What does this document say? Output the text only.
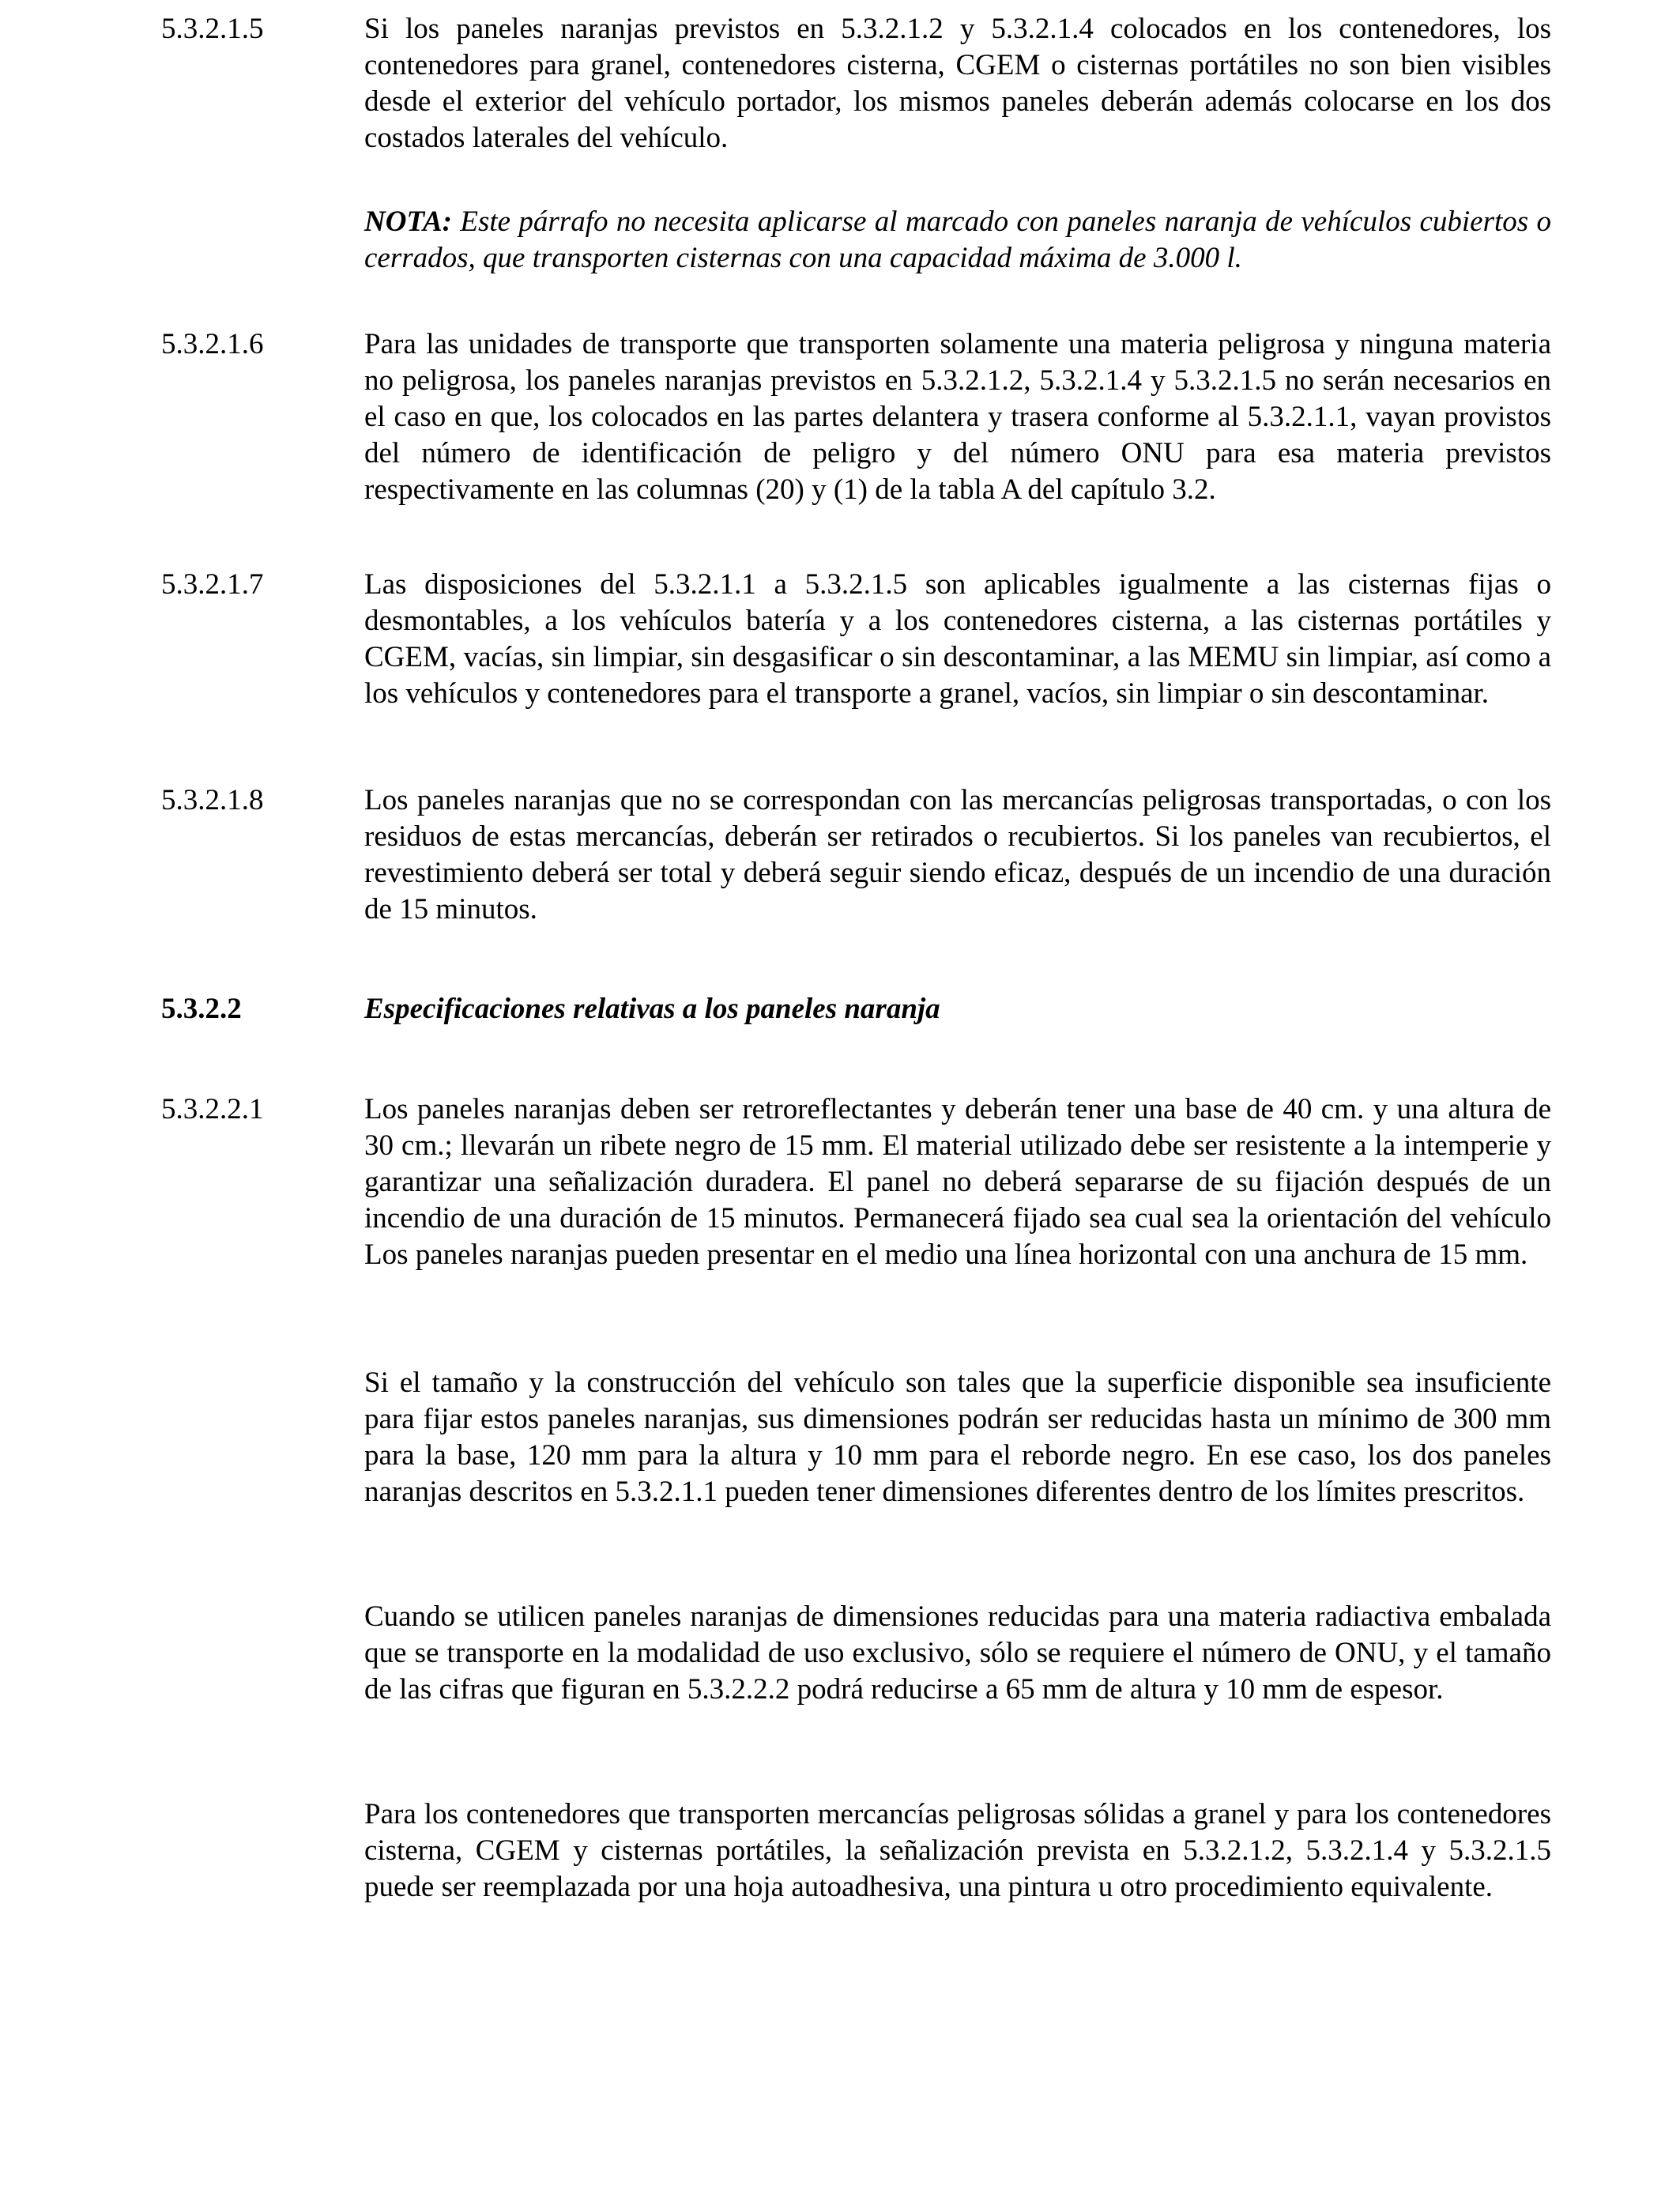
5.3.2.1.5	Si los paneles naranjas previstos en 5.3.2.1.2 y 5.3.2.1.4 colocados en los contenedores, los contenedores para granel, contenedores cisterna, CGEM o cisternas portátiles no son bien visibles desde el exterior del vehículo portador, los mismos paneles deberán además colocarse en los dos costados laterales del vehículo.

NOTA: Este párrafo no necesita aplicarse al marcado con paneles naranja de vehículos cubiertos o cerrados, que transporten cisternas con una capacidad máxima de 3.000 l.

5.3.2.1.6	Para las unidades de transporte que transporten solamente una materia peligrosa y ninguna materia no peligrosa, los paneles naranjas previstos en 5.3.2.1.2, 5.3.2.1.4 y 5.3.2.1.5 no serán necesarios en el caso en que, los colocados en las partes delantera y trasera conforme al 5.3.2.1.1, vayan provistos del número de identificación de peligro y del número ONU para esa materia previstos respectivamente en las columnas (20) y (1) de la tabla A del capítulo 3.2.

5.3.2.1.7	Las disposiciones del 5.3.2.1.1 a 5.3.2.1.5 son aplicables igualmente a las cisternas fijas o desmontables, a los vehículos batería y a los contenedores cisterna, a las cisternas portátiles y CGEM, vacías, sin limpiar, sin desgasificar o sin descontaminar, a las MEMU sin limpiar, así como a los vehículos y contenedores para el transporte a granel, vacíos, sin limpiar o sin descontaminar.

5.3.2.1.8	Los paneles naranjas que no se correspondan con las mercancías peligrosas transportadas, o con los residuos de estas mercancías, deberán ser retirados o recubiertos. Si los paneles van recubiertos, el revestimiento deberá ser total y deberá seguir siendo eficaz, después de un incendio de una duración de 15 minutos.

5.3.2.2	Especificaciones relativas a los paneles naranja
5.3.2.2.1	Los paneles naranjas deben ser retroreflectantes y deberán tener una base de 40 cm. y una altura de 30 cm.; llevarán un ribete negro de 15 mm. El material utilizado debe ser resistente a la intemperie y garantizar una señalización duradera. El panel no deberá separarse de su fijación después de un incendio de una duración de 15 minutos. Permanecerá fijado sea cual sea la orientación del vehículo Los paneles naranjas pueden presentar en el medio una línea horizontal con una anchura de 15 mm.

Si el tamaño y la construcción del vehículo son tales que la superficie disponible sea insuficiente para fijar estos paneles naranjas, sus dimensiones podrán ser reducidas hasta un mínimo de 300 mm para la base, 120 mm para la altura y 10 mm para el reborde negro. En ese caso, los dos paneles naranjas descritos en 5.3.2.1.1 pueden tener dimensiones diferentes dentro de los límites prescritos.

Cuando se utilicen paneles naranjas de dimensiones reducidas para una materia radiactiva embalada que se transporte en la modalidad de uso exclusivo, sólo se requiere el número de ONU, y el tamaño de las cifras que figuran en 5.3.2.2.2 podrá reducirse a 65 mm de altura y 10 mm de espesor.

Para los contenedores que transporten mercancías peligrosas sólidas a granel y para los contenedores cisterna, CGEM y cisternas portátiles, la señalización prevista en 5.3.2.1.2, 5.3.2.1.4 y 5.3.2.1.5 puede ser reemplazada por una hoja autoadhesiva, una pintura u otro procedimiento equivalente.
